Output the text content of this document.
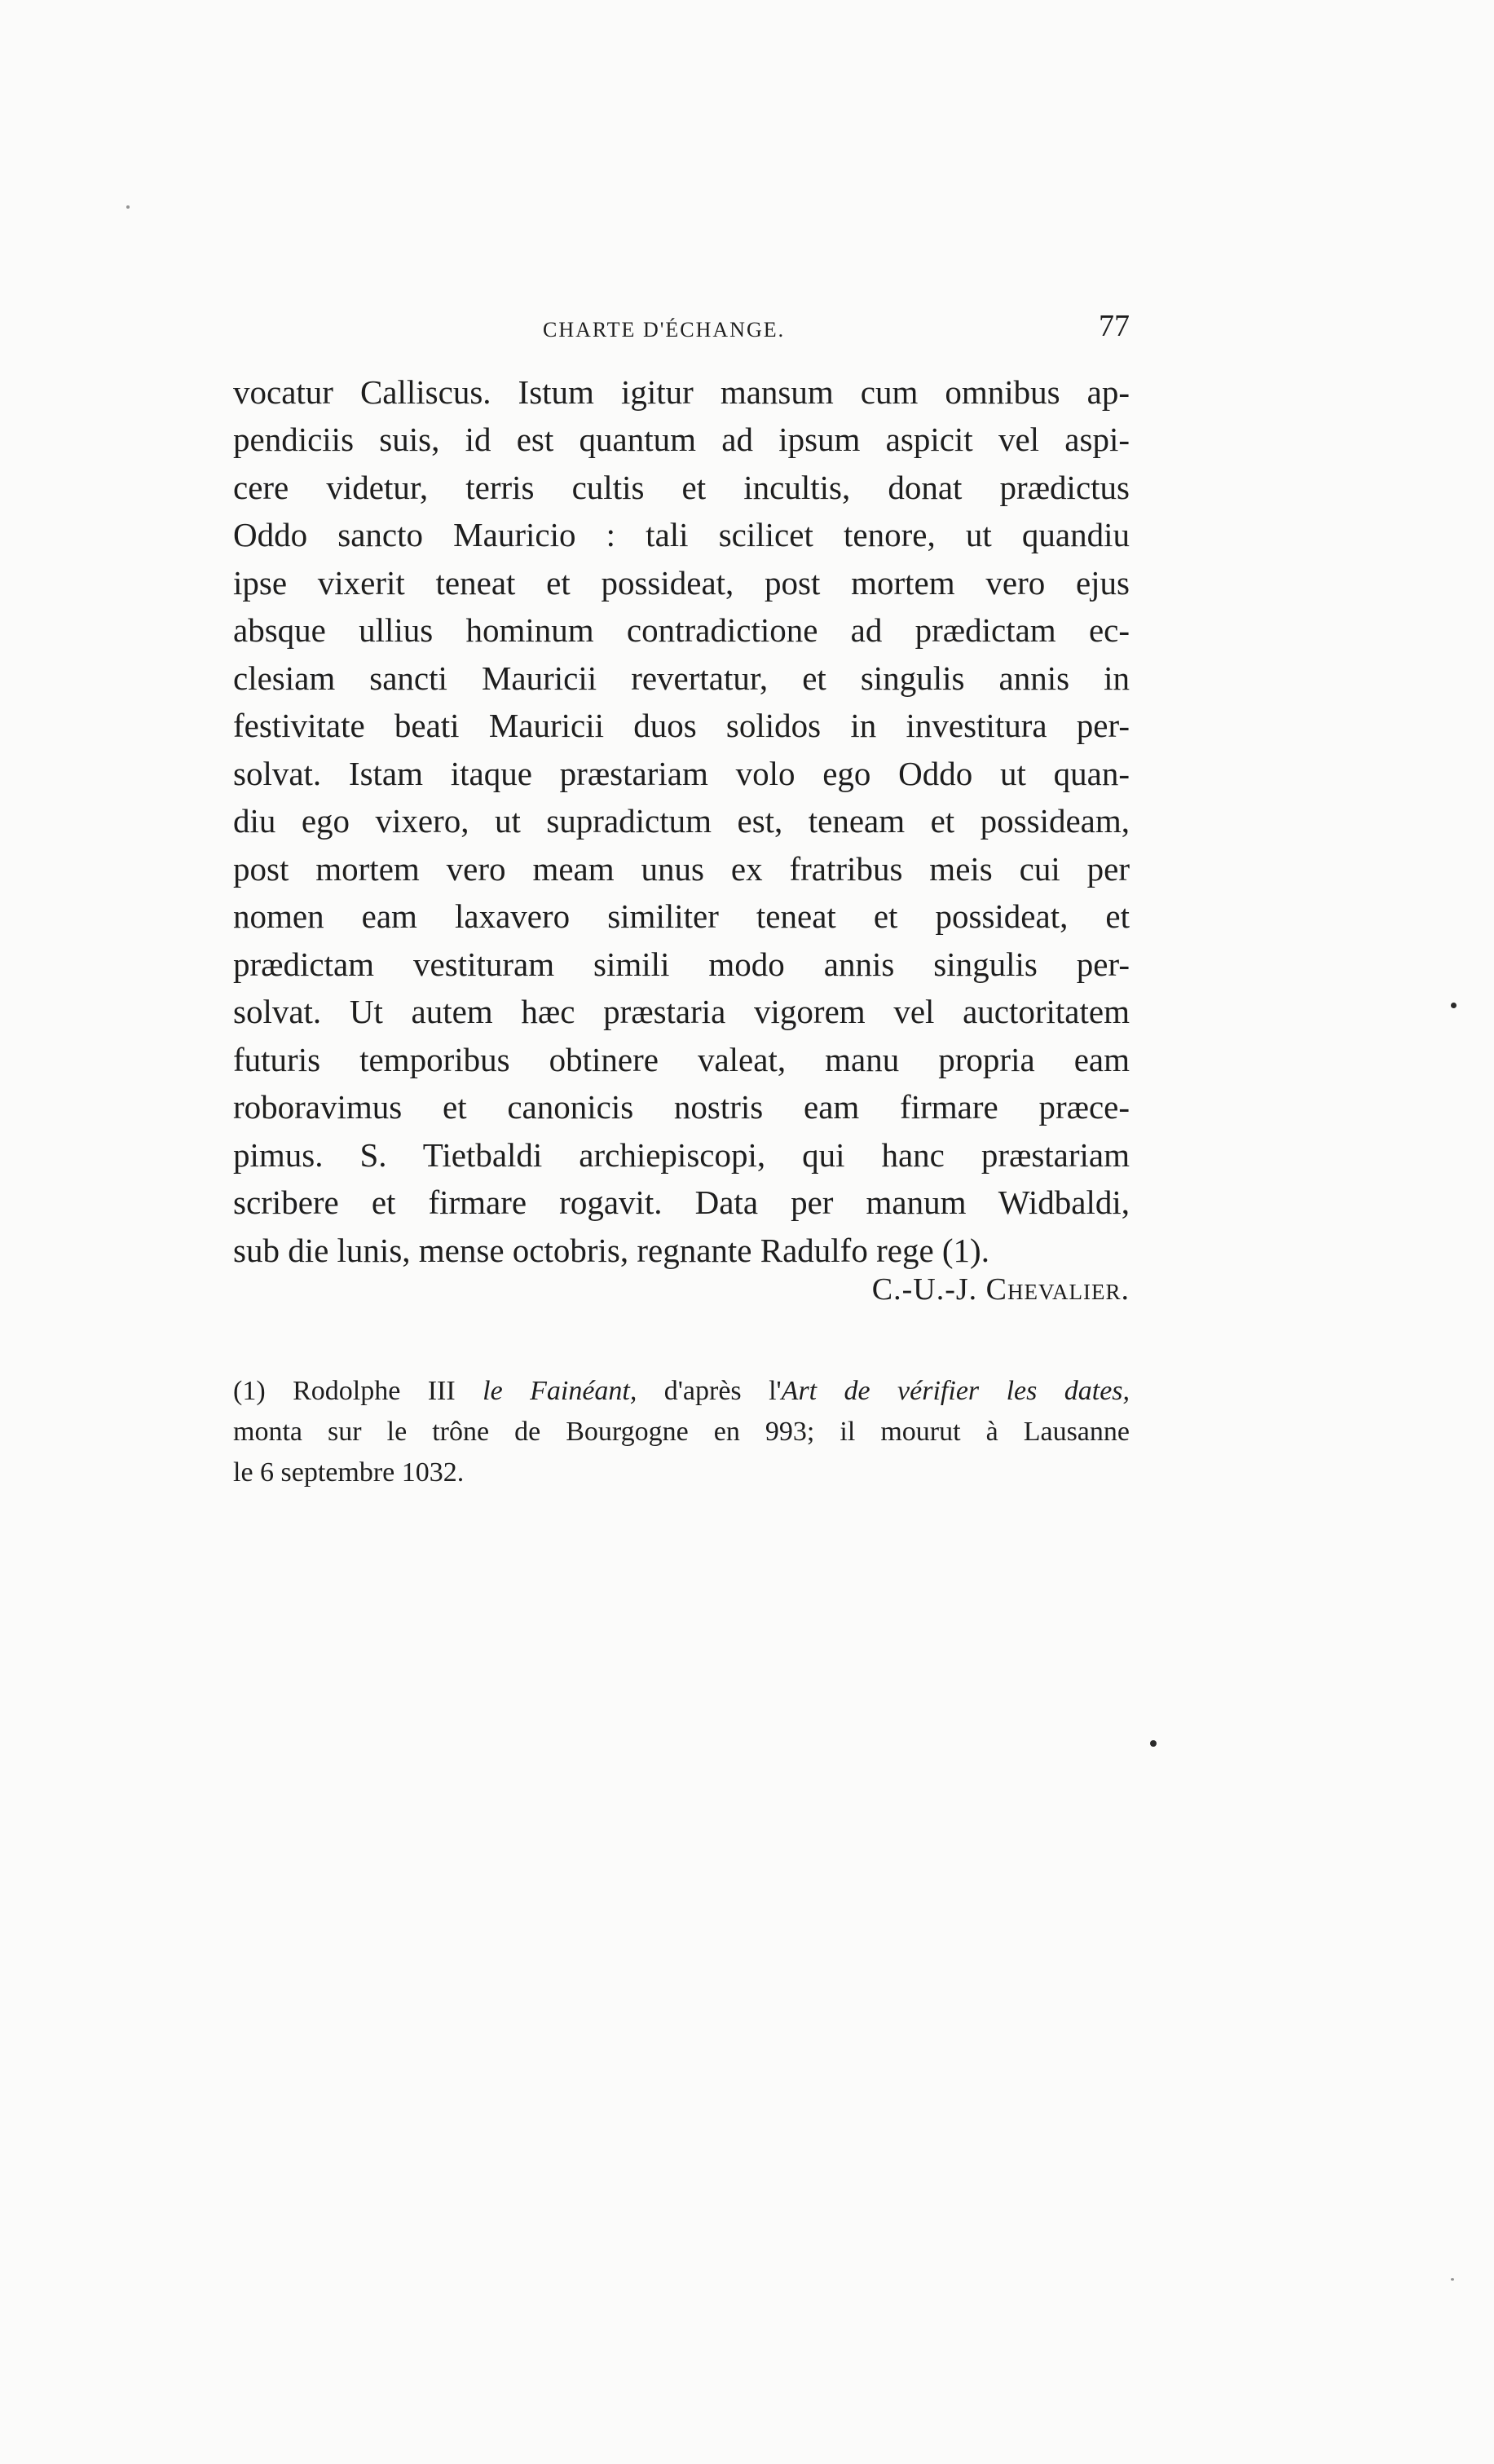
CHARTE D'ÉCHANGE.	77
vocatur Calliscus. Istum igitur mansum cum omnibus ap-
pendiciis suis, id est quantum ad ipsum aspicit vel aspi-
cere videtur, terris cultis et incultis, donat prædictus
Oddo sancto Mauricio : tali scilicet tenore, ut quandiu
ipse vixerit teneat et possideat, post mortem vero ejus
absque ullius hominum contradictione ad prædictam ec-
clesiam sancti Mauricii revertatur, et singulis annis in
festivitate beati Mauricii duos solidos in investitura per-
solvat. Istam itaque præstariam volo ego Oddo ut quan-
diu ego vixero, ut supradictum est, teneam et possideam,
post mortem vero meam unus ex fratribus meis cui per
nomen eam laxavero similiter teneat et possideat, et
prædictam vestituram simili modo annis singulis per-
solvat. Ut autem hæc præstaria vigorem vel auctoritatem
futuris temporibus obtinere valeat, manu propria eam
roboravimus et canonicis nostris eam firmare præce-
pimus. S. Tietbaldi archiepiscopi, qui hanc præstariam
scribere et firmare rogavit. Data per manum Widbaldi,
sub die lunis, mense octobris, regnante Radulfo rege (1).
C.-U.-J. Chevalier.
(1) Rodolphe III le Fainéant, d'après l'Art de vérifier les dates,
monta sur le trône de Bourgogne en 993; il mourut à Lausanne
le 6 septembre 1032.
